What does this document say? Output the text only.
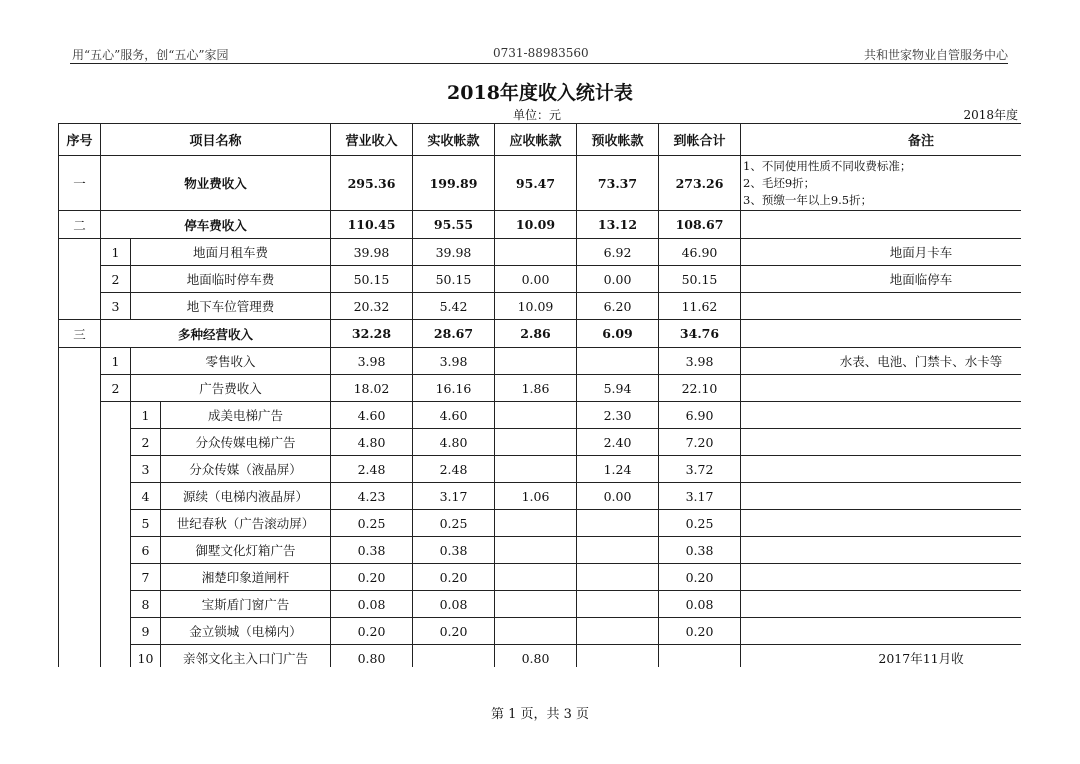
用“五心”服务，创“五心”家园	0731-88983560	共和世家物业自管服务中心
2018年度收入统计表
单位：元	2018年度
序号	项目名称			营业收入	实收帐款	应收帐款	预收帐款	到帐合计	备注
一	物业费收入			295.36	199.89	95.47	73.37	273.26	1、不同使用性质不同收费标准；
2、毛坯9折；
3、预缴一年以上9.5折；

二	停车费收入			110.45	95.55	10.09	13.12	108.67	
	1	地面月租车费		39.98	39.98		6.92	46.90	地面月卡车
	2	地面临时停车费		50.15	50.15	0.00	0.00	50.15	地面临停车
	3	地下车位管理费		20.32	5.42	10.09	6.20	11.62	
三	多种经营收入			32.28	28.67	2.86	6.09	34.76	
	1	零售收入		3.98	3.98			3.98	水表、电池、门禁卡、水卡等
	2	广告费收入		18.02	16.16	1.86	5.94	22.10	
		1	成美电梯广告	4.60	4.60		2.30	6.90	
		2	分众传媒电梯广告	4.80	4.80		2.40	7.20	
		3	分众传媒（液晶屏）	2.48	2.48		1.24	3.72	
		4	源续（电梯内液晶屏）	4.23	3.17	1.06	0.00	3.17	
		5	世纪春秋（广告滚动屏）	0.25	0.25			0.25	
		6	御墅文化灯箱广告	0.38	0.38			0.38	
		7	湘楚印象道闸杆	0.20	0.20			0.20	
		8	宝斯盾门窗广告	0.08	0.08			0.08	
		9	金立锁城（电梯内）	0.20	0.20			0.20	
		10	亲邻文化主入口门广告	0.80		0.80			2017年11月收
第 1 页，共 3 页
